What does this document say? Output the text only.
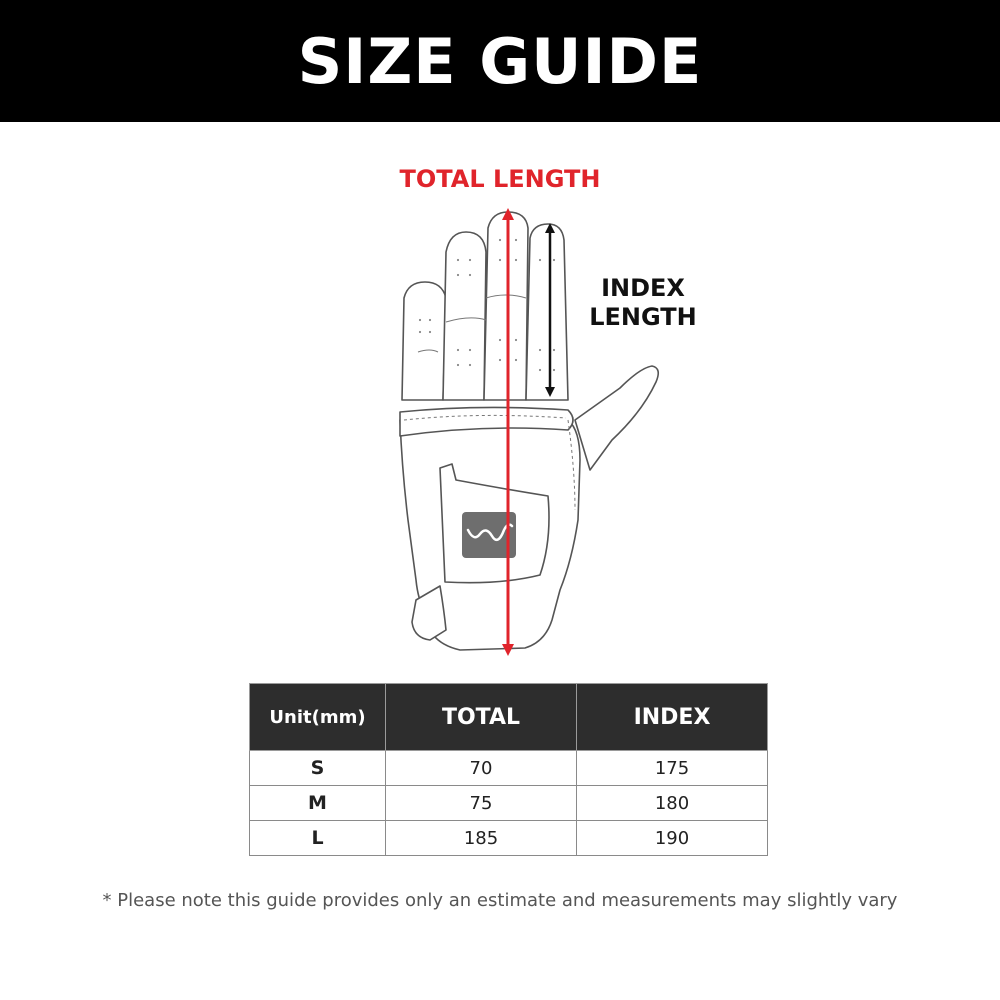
SIZE GUIDE
TOTAL LENGTH
INDEX
LENGTH
Unit(mm)	TOTAL	INDEX
S	70	175
M	75	180
L	185	190
* Please note this guide provides only an estimate and measurements may slightly vary
